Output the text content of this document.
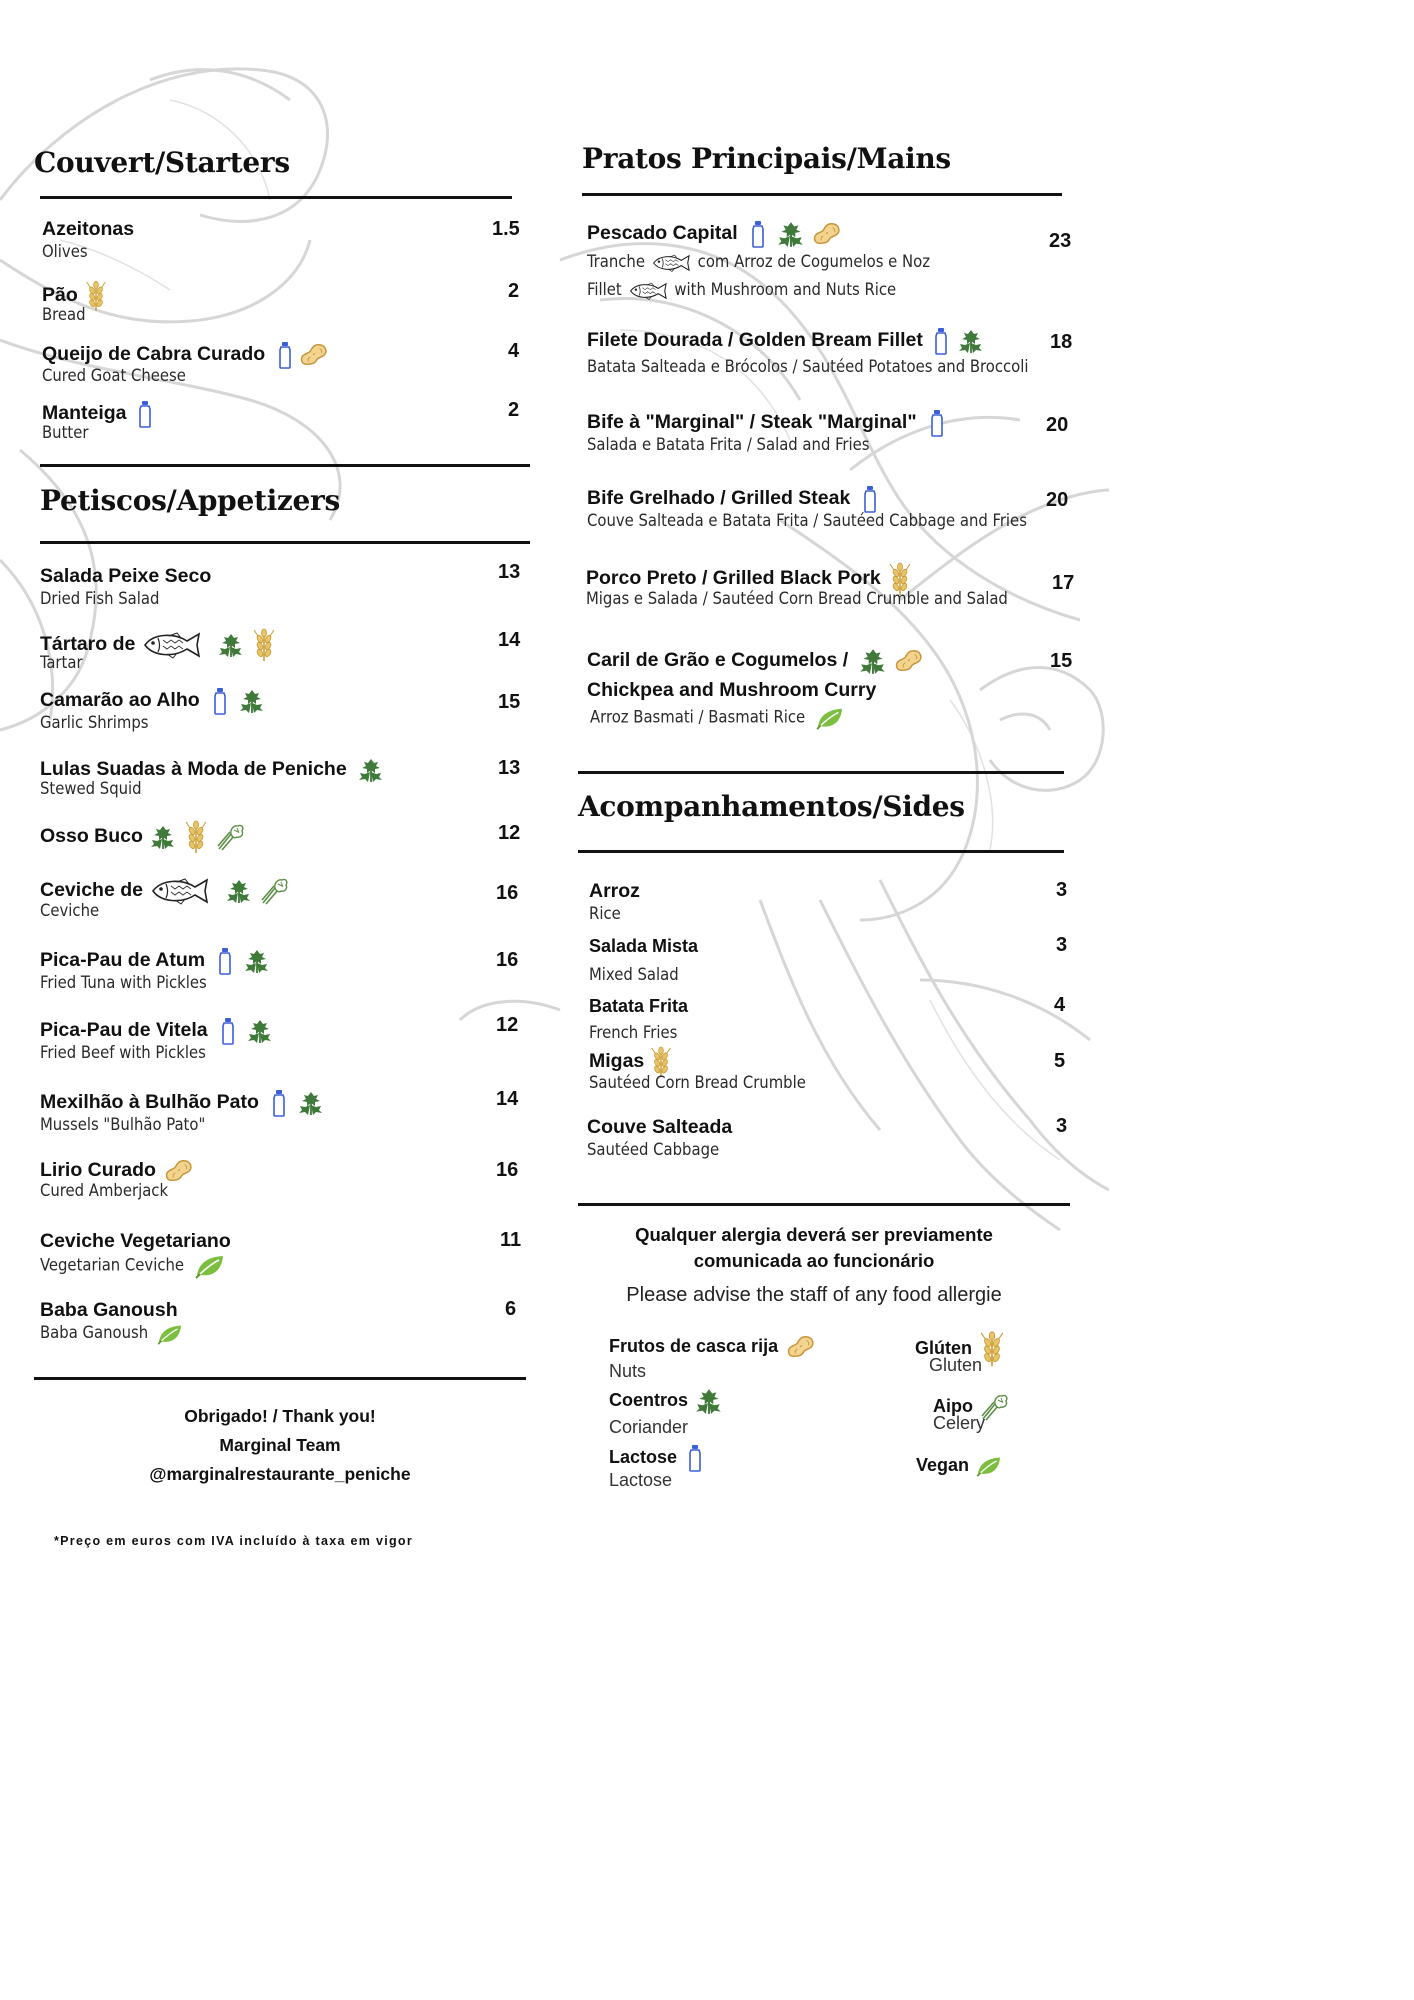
Couvert/Starters
Azeitonas
Olives
1.5
Pão
Bread
2
Queijo de Cabra Curado
Cured Goat Cheese
4
Manteiga
Butter
2
Petiscos/Appetizers
Salada Peixe Seco
Dried Fish Salad
13
Tártaro de
Tartar
14
Camarão ao Alho
Garlic Shrimps
15
Lulas Suadas à Moda de Peniche
Stewed Squid
13
Osso Buco	12
Ceviche de
Ceviche
16
Pica-Pau de Atum
Fried Tuna with Pickles
16
Pica-Pau de Vitela
Fried Beef with Pickles
12
Mexilhão à Bulhão Pato
Mussels "Bulhão Pato"
14
Lirio Curado
Cured Amberjack
16
Ceviche Vegetariano
Vegetarian Ceviche
11
Baba Ganoush
Baba Ganoush
6
Obrigado! / Thank you!
Marginal Team
@marginalrestaurante_peniche
*Preço em euros com IVA incluído à taxa em vigor
Pratos Principais/Mains
Pescado Capital
Tranche	com Arroz de Cogumelos e Noz
Fillet	with Mushroom and Nuts Rice
23
Filete Dourada / Golden Bream Fillet
Batata Salteada e Brócolos / Sautéed Potatoes and Broccoli
18
Bife à "Marginal" / Steak "Marginal"
Salada e Batata Frita / Salad and Fries
20
Bife Grelhado / Grilled Steak
Couve Salteada e Batata Frita / Sautéed Cabbage and Fries
20
Porco Preto / Grilled Black Pork
Migas e Salada / Sautéed Corn Bread Crumble and Salad
17
Caril de Grão e Cogumelos /
Chickpea and Mushroom Curry
Arroz Basmati / Basmati Rice
15
Acompanhamentos/Sides
Arroz
Rice
3
Salada Mista
Mixed Salad
3
Batata Frita
French Fries
4
Migas
Sautéed Corn Bread Crumble
5
Couve Salteada
Sautéed Cabbage
3
Qualquer alergia deverá ser previamente
comunicada ao funcionário
Please advise the staff of any food allergie
Frutos de casca rija
Nuts
Coentros
Coriander
Lactose
Lactose
Glúten
Gluten
Aipo
Celery
Vegan
